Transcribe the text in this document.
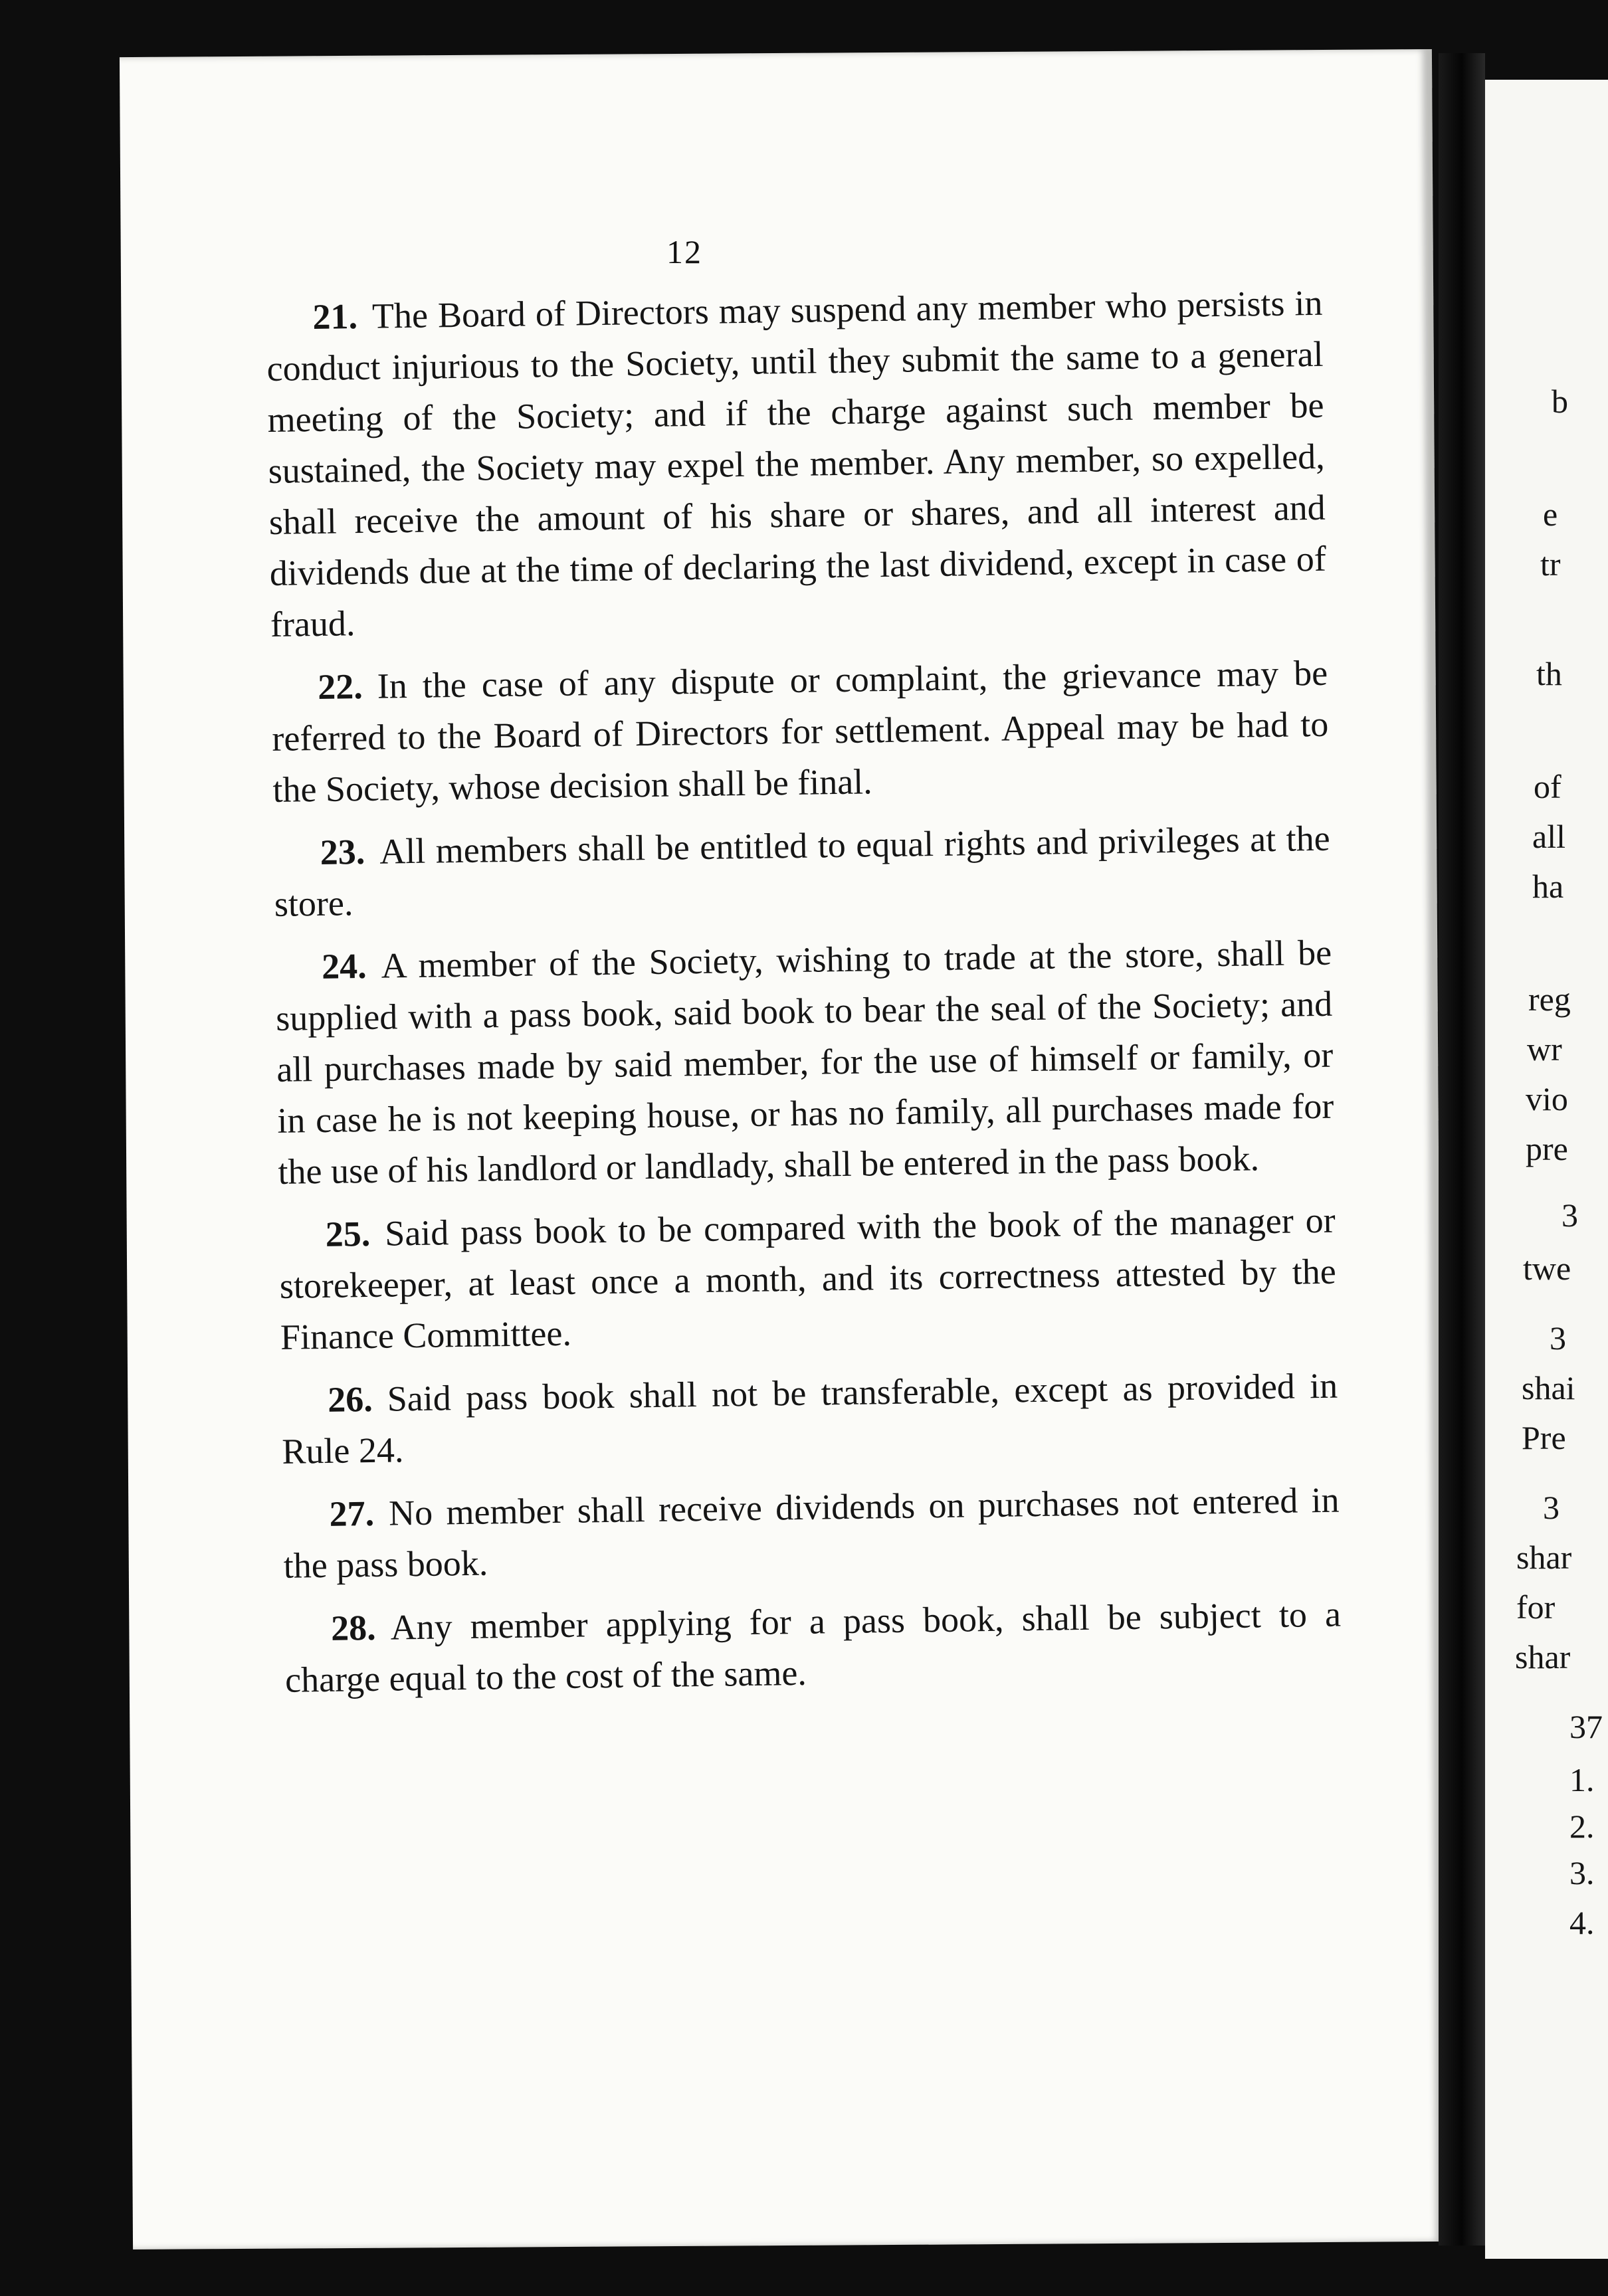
12

21. The Board of Directors may suspend any member who persists in conduct injurious to the Society, until they submit the same to a general meeting of the Society; and if the charge against such member be sustained, the Society may expel the member. Any member, so expelled, shall receive the amount of his share or shares, and all interest and dividends due at the time of declaring the last dividend, except in case of fraud.

22. In the case of any dispute or complaint, the grievance may be referred to the Board of Directors for settlement. Appeal may be had to the Society, whose decision shall be final.

23. All members shall be entitled to equal rights and privileges at the store.

24. A member of the Society, wishing to trade at the store, shall be supplied with a pass book, said book to bear the seal of the Society; and all purchases made by said member, for the use of himself or family, or in case he is not keeping house, or has no family, all purchases made for the use of his landlord or landlady, shall be entered in the pass book.

25. Said pass book to be compared with the book of the manager or storekeeper, at least once a month, and its correctness attested by the Finance Committee.

26. Said pass book shall not be transferable, except as provided in Rule 24.

27. No member shall receive dividends on purchases not entered in the pass book.

28. Any member applying for a pass book, shall be subject to a charge equal to the cost of the same.

b
e
tr
th
of
all
ha
reg
wr
vio
pre
3
twe
3
shai
Pre
3
shar
for
shar
37
1.
2.
3.
4.
